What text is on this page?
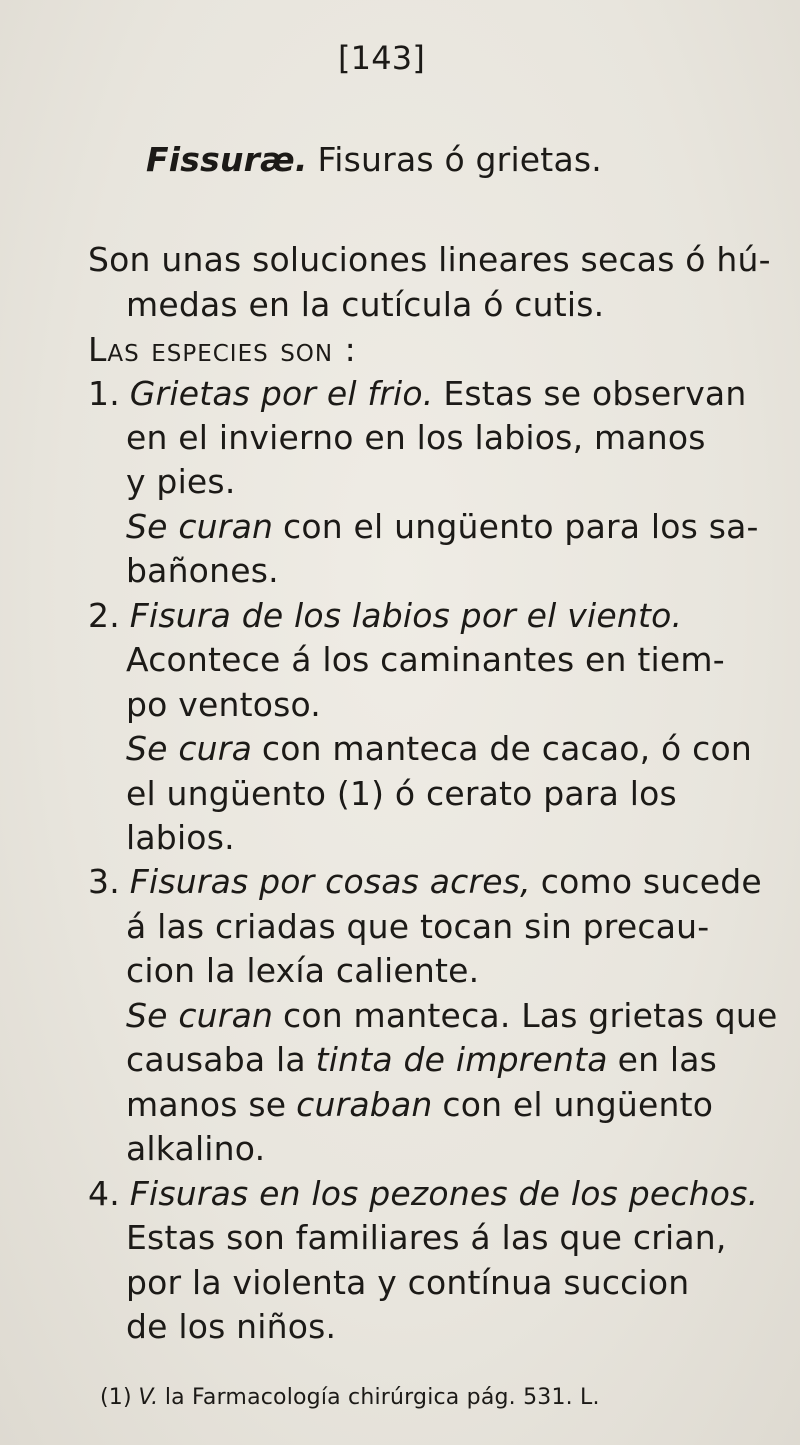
[143]
Fissuræ. Fisuras ó grietas.
Son unas soluciones lineares secas ó hú-
medas en la cutícula ó cutis.
Las especies son :
1. Grietas por el frio. Estas se observan
en el invierno en los labios, manos
y pies.
Se curan con el ungüento para los sa-
bañones.
2. Fisura de los labios por el viento.
Acontece á los caminantes en tiem-
po ventoso.
Se cura con manteca de cacao, ó con
el ungüento (1) ó cerato para los
labios.
3. Fisuras por cosas acres, como sucede
á las criadas que tocan sin precau-
cion la lexía caliente.
Se curan con manteca. Las grietas que
causaba la tinta de imprenta en las
manos se curaban con el ungüento
alkalino.
4. Fisuras en los pezones de los pechos.
Estas son familiares á las que crian,
por la violenta y contínua succion
de los niños.
(1) V. la Farmacología chirúrgica pág. 531. L.
